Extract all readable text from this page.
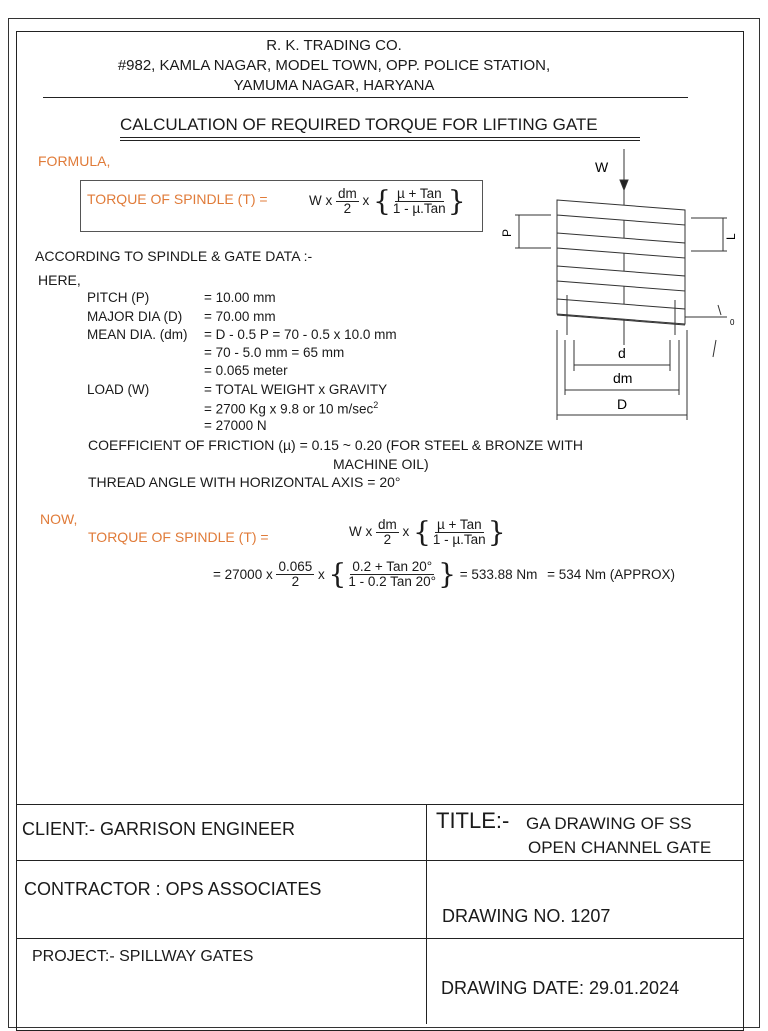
R. K. TRADING CO.
#982, KAMLA NAGAR, MODEL TOWN, OPP. POLICE STATION,
YAMUMA NAGAR, HARYANA
CALCULATION OF REQUIRED TORQUE FOR LIFTING GATE
FORMULA,
TORQUE OF SPINDLE (T) =	W x $\frac{dm}{2}$ x { $\frac{\text{µ + Tan}}{\text{1 - µ.Tan}}$ }
ACCORDING TO SPINDLE & GATE DATA :-
HERE,
PITCH (P)	= 10.00 mm
MAJOR DIA (D) = 70.00 mm
MEAN DIA. (dm) = D - 0.5 P = 70 - 0.5 x 10.0 mm
= 70 - 5.0 mm = 65 mm
= 0.065 meter
LOAD (W)	= TOTAL WEIGHT x GRAVITY
= 2700 Kg x 9.8 or 10 $m/\sec^2$
= 27000 N
COEFFICIENT OF FRICTION (µ) = 0.15 ~ 0.20 (FOR STEEL & BRONZE WITH
MACHINE OIL)
THREAD ANGLE WITH HORIZONTAL AXIS = 20°
NOW,
TORQUE OF SPINDLE (T) =	W x $\frac{dm}{2}$ x { $\frac{\text{µ + Tan}}{\text{1 - µ.Tan}}$ }
= 27000 x $\frac{0.065}{2}$ x { $\frac{\text{0.2 + Tan 20°}}{\text{1 - 0.2 Tan 20°}}$ } = 533.88 Nm = 534 Nm (APPROX)
W
P	L
0
d
dm
D
CLIENT:- GARRISON ENGINEER	TITLE:- GA DRAWING OF SS
OPEN CHANNEL GATE
CONTRACTOR : OPS ASSOCIATES
DRAWING NO. 1207
PROJECT:- SPILLWAY GATES
DRAWING DATE: 29.01.2024
